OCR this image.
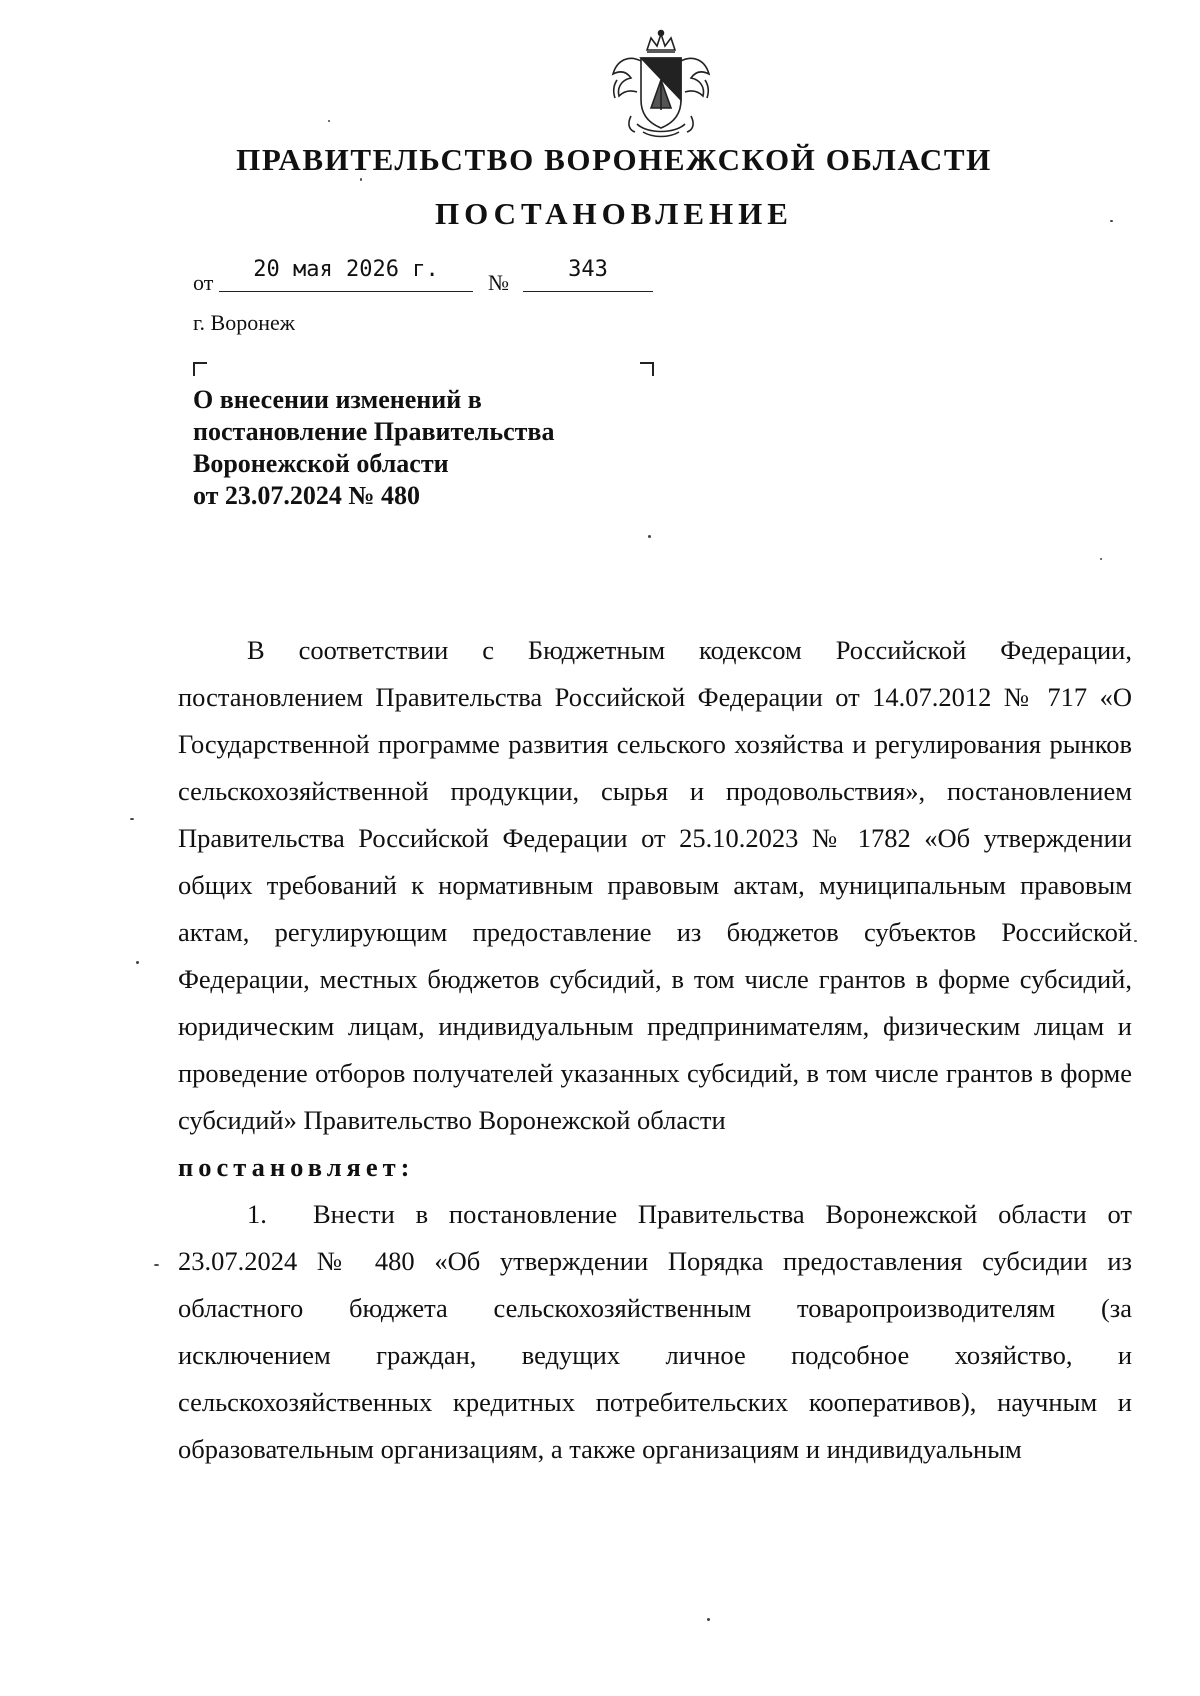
ПРАВИТЕЛЬСТВО ВОРОНЕЖСКОЙ ОБЛАСТИ
ПОСТАНОВЛЕНИЕ
от
20 мая 2026 г.
№
343
г. Воронеж
О внесении изменений в
постановление Правительства
Воронежской области
от 23.07.2024 № 480

В соответствии с Бюджетным кодексом Российской Федерации, постановлением Правительства Российской Федерации от 14.07.2012 № 717 «О Государственной программе развития сельского хозяйства и регулирования рынков сельскохозяйственной продукции, сырья и продовольствия», постановлением Правительства Российской Федерации от 25.10.2023 № 1782 «Об утверждении общих требований к нормативным правовым актам, муниципальным правовым актам, регулирующим предоставление из бюджетов субъектов Российской Федерации, местных бюджетов субсидий, в том числе грантов в форме субсидий, юридическим лицам, индивидуальным предпринимателям, физическим лицам и проведение отборов получателей указанных субсидий, в том числе грантов в форме субсидий» Правительство Воронежской области

постановляет:

1. Внести в постановление Правительства Воронежской области от 23.07.2024 № 480 «Об утверждении Порядка предоставления субсидии из областного бюджета сельскохозяйственным товаропроизводителям (за исключением граждан, ведущих личное подсобное хозяйство, и сельскохозяйственных кредитных потребительских кооперативов), научным и образовательным организациям, а также организациям и индивидуальным
